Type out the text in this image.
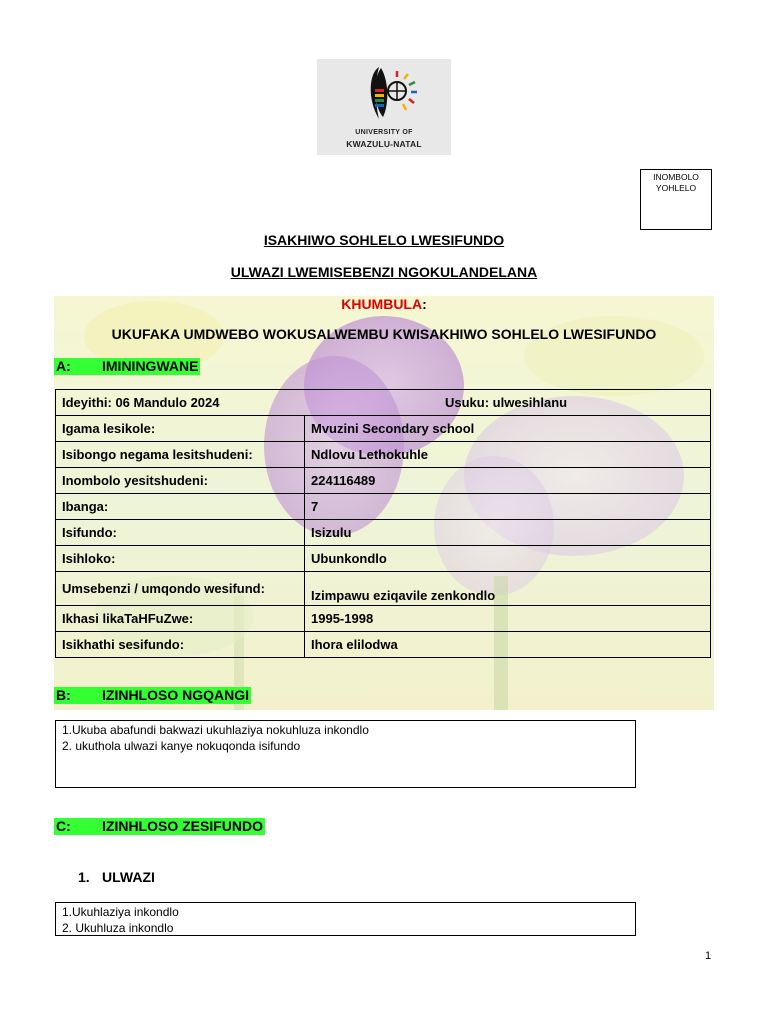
UNIVERSITY OF
KWAZULU-NATAL
INOMBOLO
YOHLELO
ISAKHIWO SOHLELO LWESIFUNDO
ULWAZI LWEMISEBENZI NGOKULANDELANA
KHUMBULA:
UKUFAKA UMDWEBO WOKUSALWEMBU KWISAKHIWO SOHLELO LWESIFUNDO
A: IMININGWANE
Ideyithi: 06 Mandulo 2024 Usuku: ulwesihlanu	

Igama lesikole:	Mvuzini Secondary school
Isibongo negama lesitshudeni:	Ndlovu Lethokuhle
Inombolo yesitshudeni:	224116489
Ibanga:	7
Isifundo:	Isizulu
Isihloko:	Ubunkondlo
Umsebenzi / umqondo wesifund:	Izimpawu eziqavile zenkondlo
Ikhasi likaTaHFuZwe:	1995-1998
Isikhathi sesifundo:	Ihora elilodwa
B: IZINHLOSO NGQANGI
1.Ukuba abafundi bakwazi ukuhlaziya nokuhluza inkondlo
2. ukuthola ulwazi kanye nokuqonda isifundo
C: IZINHLOSO ZESIFUNDO
1. ULWAZI
1.Ukuhlaziya inkondlo
2. Ukuhluza inkondlo
1
